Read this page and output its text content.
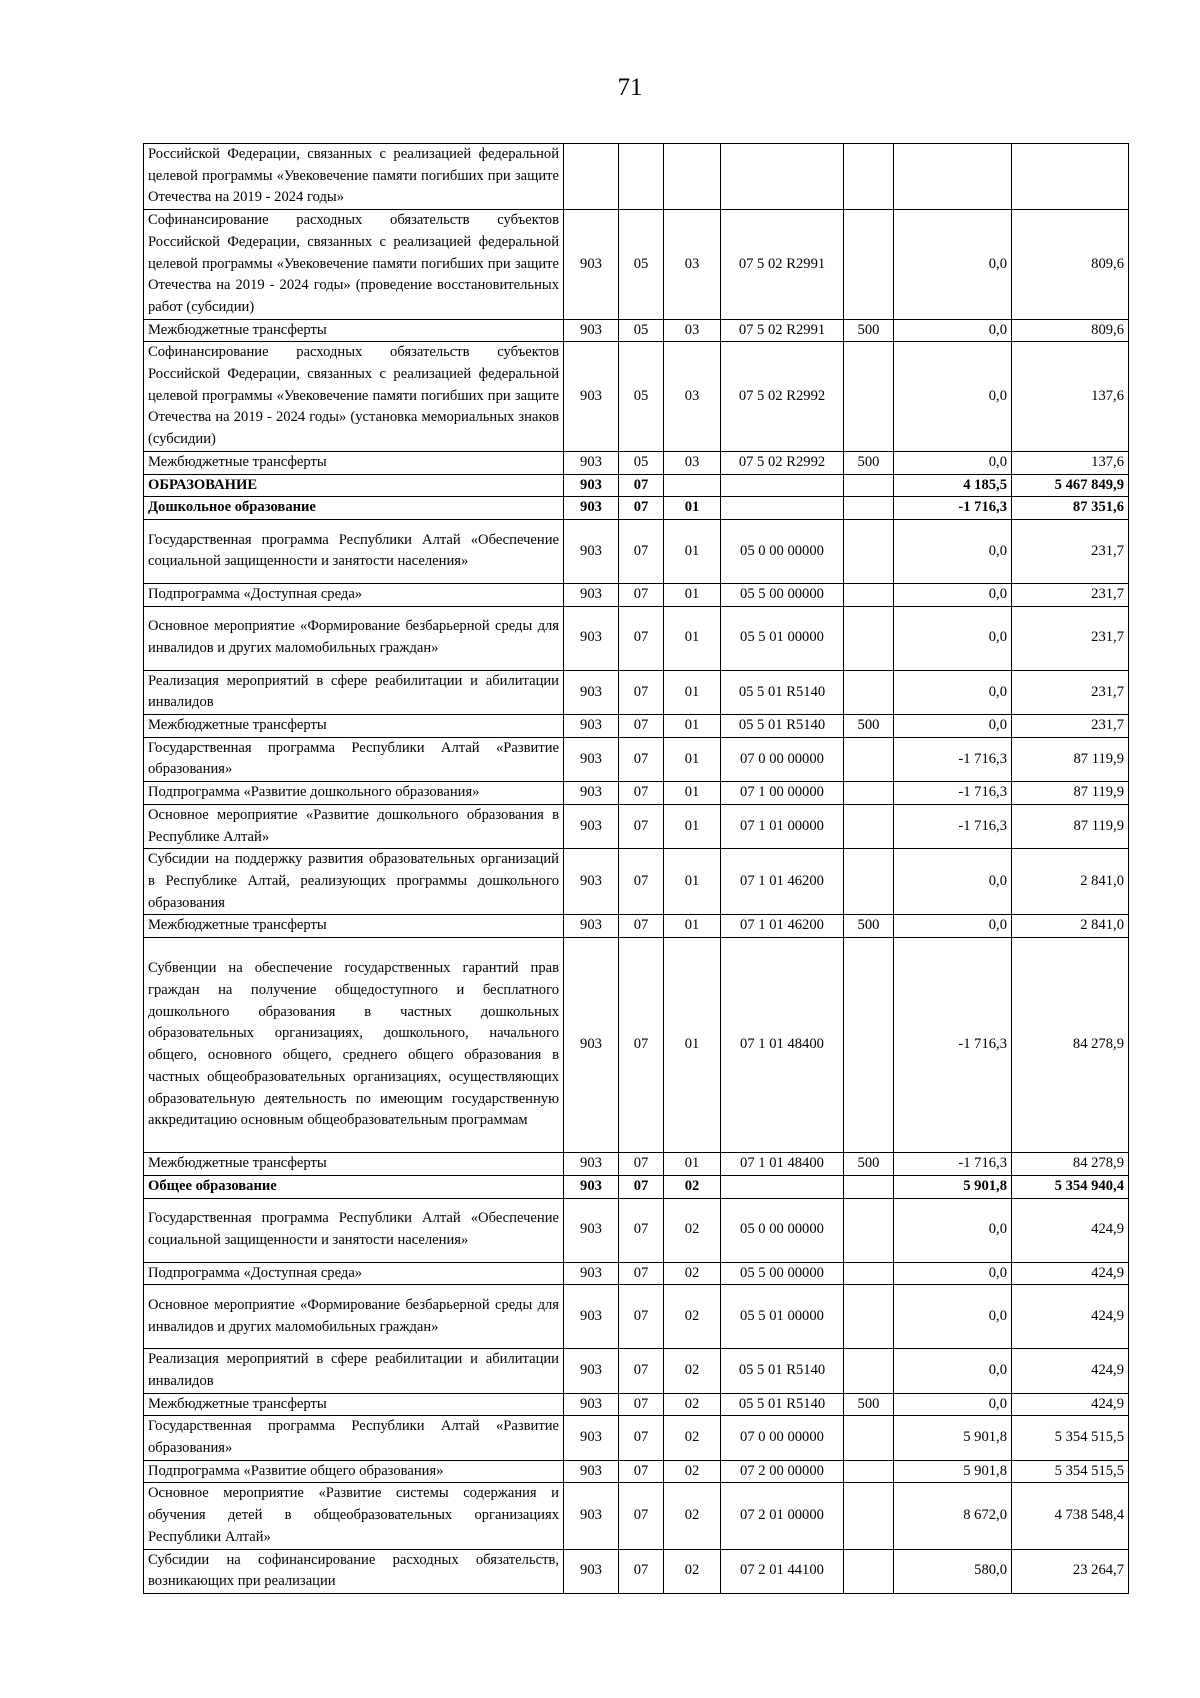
71
Российской Федерации, связанных с реализацией федеральной целевой программы «Увековечение памяти погибших при защите Отечества на 2019 - 2024 годы»							
Софинансирование расходных обязательств субъектов Российской Федерации, связанных с реализацией федеральной целевой программы «Увековечение памяти погибших при защите Отечества на 2019 - 2024 годы» (проведение восстановительных работ (субсидии)	903	05	03	07 5 02 R2991		0,0	809,6
Межбюджетные трансферты	903	05	03	07 5 02 R2991	500	0,0	809,6
Софинансирование расходных обязательств субъектов Российской Федерации, связанных с реализацией федеральной целевой программы «Увековечение памяти погибших при защите Отечества на 2019 - 2024 годы» (установка мемориальных знаков (субсидии)	903	05	03	07 5 02 R2992		0,0	137,6
Межбюджетные трансферты	903	05	03	07 5 02 R2992	500	0,0	137,6
ОБРАЗОВАНИЕ	903	07				4 185,5	5 467 849,9
Дошкольное образование	903	07	01			-1 716,3	87 351,6
Государственная программа Республики Алтай «Обеспечение социальной защищенности и занятости населения»	903	07	01	05 0 00 00000		0,0	231,7
Подпрограмма «Доступная среда»	903	07	01	05 5 00 00000		0,0	231,7
Основное мероприятие «Формирование безбарьерной среды для инвалидов и других маломобильных граждан»	903	07	01	05 5 01 00000		0,0	231,7
Реализация мероприятий в сфере реабилитации и абилитации инвалидов	903	07	01	05 5 01 R5140		0,0	231,7
Межбюджетные трансферты	903	07	01	05 5 01 R5140	500	0,0	231,7
Государственная программа Республики Алтай «Развитие образования»	903	07	01	07 0 00 00000		-1 716,3	87 119,9
Подпрограмма «Развитие дошкольного образования»	903	07	01	07 1 00 00000		-1 716,3	87 119,9
Основное мероприятие «Развитие дошкольного образования в Республике Алтай»	903	07	01	07 1 01 00000		-1 716,3	87 119,9
Субсидии на поддержку развития образовательных организаций в Республике Алтай, реализующих программы дошкольного образования	903	07	01	07 1 01 46200		0,0	2 841,0
Межбюджетные трансферты	903	07	01	07 1 01 46200	500	0,0	2 841,0
Субвенции на обеспечение государственных гарантий прав граждан на получение общедоступного и бесплатного дошкольного образования в частных дошкольных образовательных организациях, дошкольного, начального общего, основного общего, среднего общего образования в частных общеобразовательных организациях, осуществляющих образовательную деятельность по имеющим государственную аккредитацию основным общеобразовательным программам	903	07	01	07 1 01 48400		-1 716,3	84 278,9
Межбюджетные трансферты	903	07	01	07 1 01 48400	500	-1 716,3	84 278,9
Общее образование	903	07	02			5 901,8	5 354 940,4
Государственная программа Республики Алтай «Обеспечение социальной защищенности и занятости населения»	903	07	02	05 0 00 00000		0,0	424,9
Подпрограмма «Доступная среда»	903	07	02	05 5 00 00000		0,0	424,9
Основное мероприятие «Формирование безбарьерной среды для инвалидов и других маломобильных граждан»	903	07	02	05 5 01 00000		0,0	424,9
Реализация мероприятий в сфере реабилитации и абилитации инвалидов	903	07	02	05 5 01 R5140		0,0	424,9
Межбюджетные трансферты	903	07	02	05 5 01 R5140	500	0,0	424,9
Государственная программа Республики Алтай «Развитие образования»	903	07	02	07 0 00 00000		5 901,8	5 354 515,5
Подпрограмма «Развитие общего образования»	903	07	02	07 2 00 00000		5 901,8	5 354 515,5
Основное мероприятие «Развитие системы содержания и обучения детей в общеобразовательных организациях Республики Алтай»	903	07	02	07 2 01 00000		8 672,0	4 738 548,4
Субсидии на софинансирование расходных обязательств, возникающих при реализации	903	07	02	07 2 01 44100		580,0	23 264,7
